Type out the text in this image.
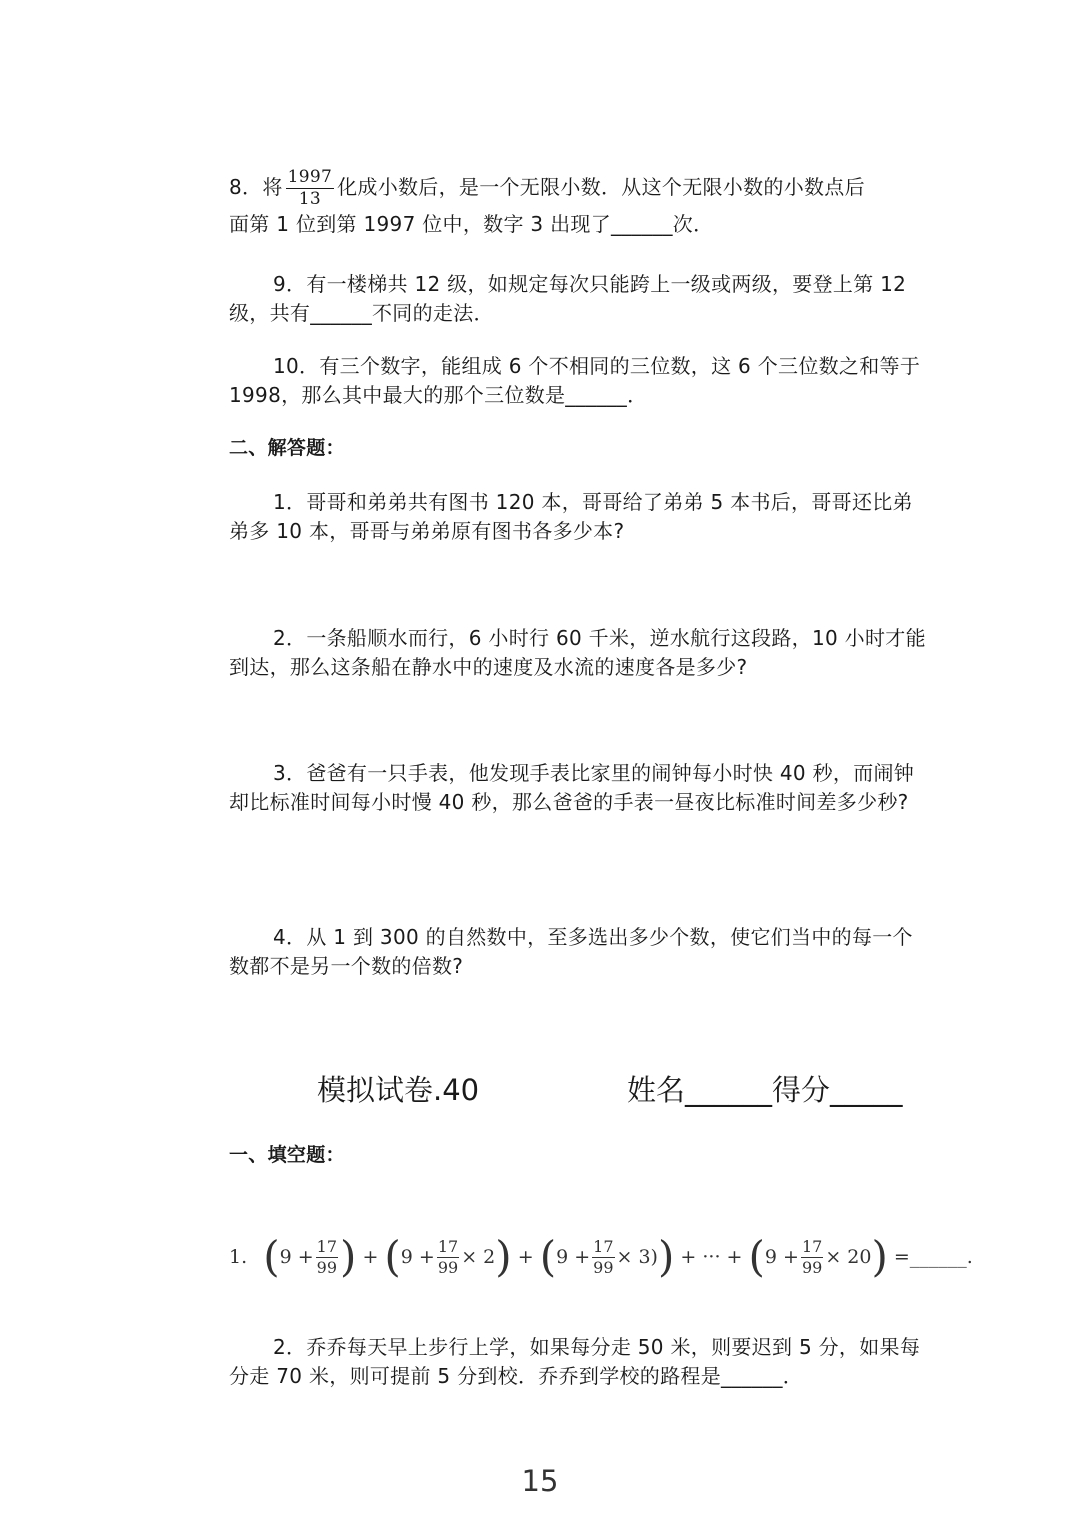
8．将 $\frac{1997}{13}$ 化成小数后，是一个无限小数．从这个无限小数的小数点后

面第 1 位到第 1997 位中，数字 3 出现了______次．

9．有一楼梯共 12 级，如规定每次只能跨上一级或两级，要登上第 12 级，共有______不同的走法．

10．有三个数字，能组成 6 个不相同的三位数，这 6 个三位数之和等于 1998，那么其中最大的那个三位数是______．

二、解答题：

1．哥哥和弟弟共有图书 120 本，哥哥给了弟弟 5 本书后，哥哥还比弟弟多 10 本，哥哥与弟弟原有图书各多少本?

2．一条船顺水而行，6 小时行 60 千米，逆水航行这段路，10 小时才能到达，那么这条船在静水中的速度及水流的速度各是多少?

3．爸爸有一只手表，他发现手表比家里的闹钟每小时快 40 秒，而闹钟却比标准时间每小时慢 40 秒，那么爸爸的手表一昼夜比标准时间差多少秒?

4．从 1 到 300 的自然数中，至多选出多少个数，使它们当中的每一个数都不是另一个数的倍数?

模拟试卷.40	姓名______得分_____
一、填空题：
1. ($9 + \frac{17}{99}$ ) + $(9 + \frac{17}{99} \times 2) + (9 + \frac{17}{99} \times 3)$) + ··· + $(9 + \frac{17}{99} \times 20)$ =______.

2．乔乔每天早上步行上学，如果每分走 50 米，则要迟到 5 分，如果每分走 70 米，则可提前 5 分到校．乔乔到学校的路程是______．

15
